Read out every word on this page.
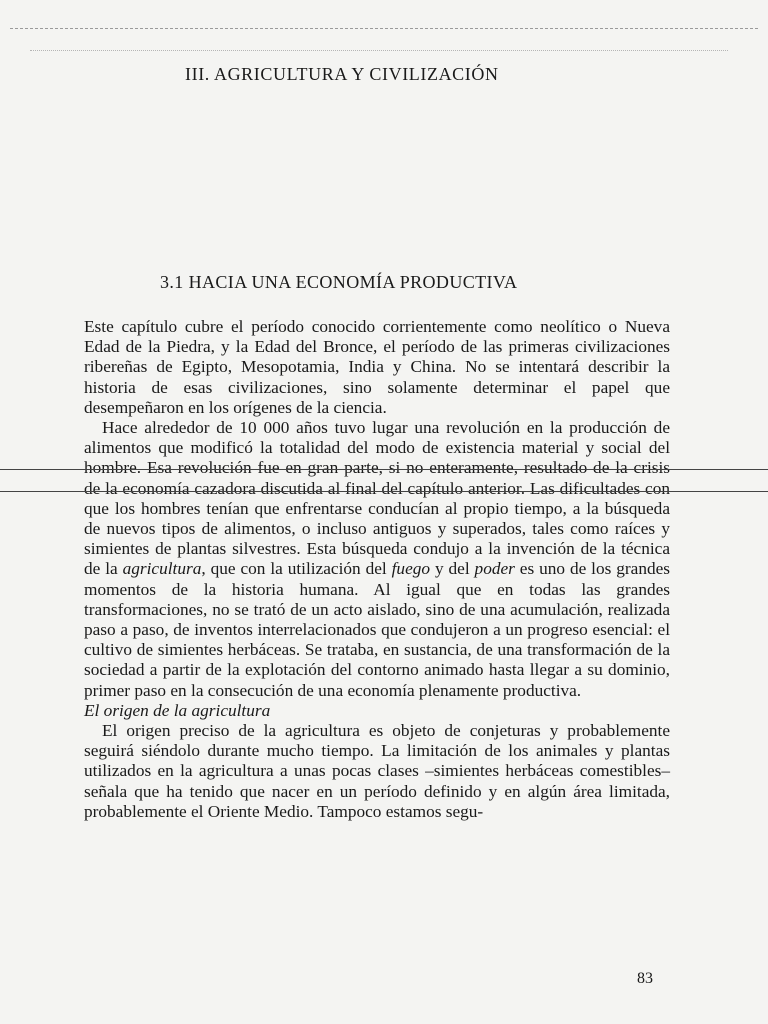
III. AGRICULTURA Y CIVILIZACIÓN
3.1 HACIA UNA ECONOMÍA PRODUCTIVA

Este capítulo cubre el período conocido corrientemente como neolítico o Nueva Edad de la Piedra, y la Edad del Bronce, el período de las primeras civilizaciones ribereñas de Egipto, Mesopotamia, India y China. No se intentará describir la historia de esas civilizaciones, sino solamente determinar el papel que desempeñaron en los orígenes de la ciencia.

Hace alrededor de 10 000 años tuvo lugar una revolución en la producción de alimentos que modificó la totalidad del modo de existencia material y social del hombre. Esa revolución fue en gran parte, si no enteramente, resultado de la crisis de la economía cazadora discutida al final del capítulo anterior. Las dificultades con que los hombres tenían que enfrentarse conducían al propio tiempo, a la búsqueda de nuevos tipos de alimentos, o incluso antiguos y superados, tales como raíces y simientes de plantas silvestres. Esta búsqueda condujo a la invención de la técnica de la agricultura, que con la utilización del fuego y del poder es uno de los grandes momentos de la historia humana. Al igual que en todas las grandes transformaciones, no se trató de un acto aislado, sino de una acumulación, realizada paso a paso, de inventos interrelacionados que condujeron a un progreso esencial: el cultivo de simientes herbáceas. Se trataba, en sustancia, de una transformación de la sociedad a partir de la explotación del contorno animado hasta llegar a su dominio, primer paso en la consecución de una economía plenamente productiva.

El origen de la agricultura

El origen preciso de la agricultura es objeto de conjeturas y probablemente seguirá siéndolo durante mucho tiempo. La limitación de los animales y plantas utilizados en la agricultura a unas pocas clases –simientes herbáceas comestibles– señala que ha tenido que nacer en un período definido y en algún área limitada, probablemente el Oriente Medio. Tampoco estamos segu-

83
